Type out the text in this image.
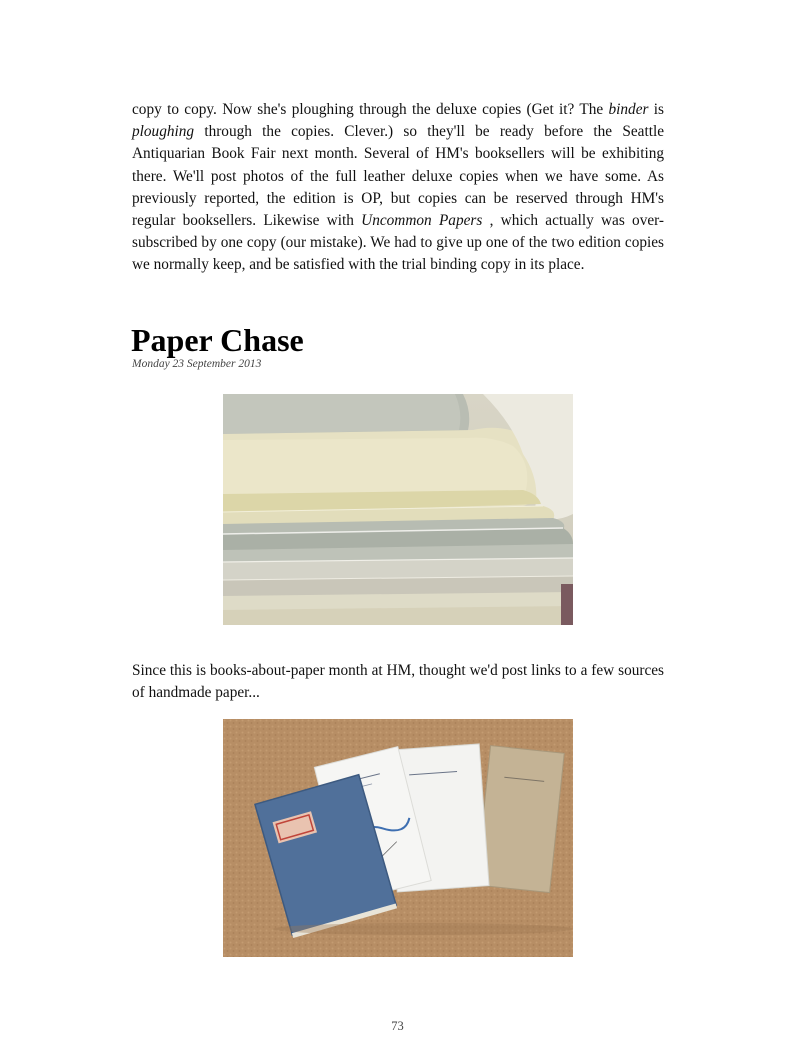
copy to copy. Now she's ploughing through the deluxe copies (Get it? The binder is ploughing through the copies. Clever.) so they'll be ready before the Seattle Antiquarian Book Fair next month. Several of HM's booksellers will be exhibiting there. We'll post photos of the full leather deluxe copies when we have some. As previously reported, the edition is OP, but copies can be reserved through HM's regular booksellers. Likewise with Uncommon Papers , which actually was over-subscribed by one copy (our mistake). We had to give up one of the two edition copies we normally keep, and be satisfied with the trial binding copy in its place.

Paper Chase

Monday 23 September 2013

Since this is books-about-paper month at HM, thought we'd post links to a few sources of handmade paper...

73
